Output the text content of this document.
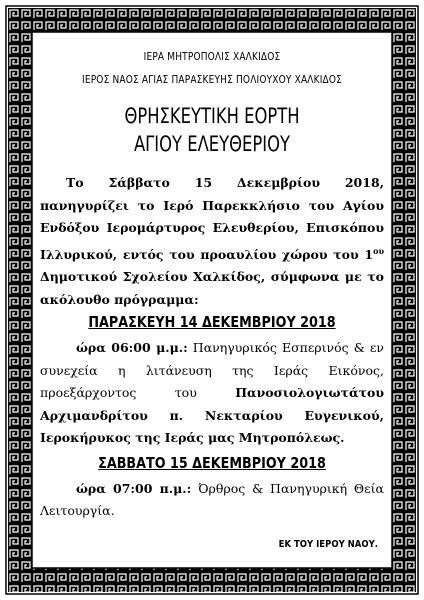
ΙΕΡΑ ΜΗΤΡΟΠΟΛΙΣ ΧΑΛΚΙΔΟΣ
ΙΕΡΟΣ ΝΑΟΣ ΑΓΙΑΣ ΠΑΡΑΣΚΕΥΗΣ ΠΟΛΙΟΥΧΟΥ ΧΑΛΚΙΔΟΣ
ΘΡΗΣΚΕΥΤΙΚΗ ΕΟΡΤΗ
ΑΓΙΟΥ ΕΛΕΥΘΕΡΙΟΥ

Το Σάββατο 15 Δεκεμβρίου 2018, πανηγυρίζει το Ιερό Παρεκκλήσιο του Αγίου Ενδόξου Ιερομάρτυρος Ελευθερίου, Επισκόπου Ιλλυρικού, εντός του προαυλίου χώρου του $1^{o\upsilon}$ Δημοτικού Σχολείου Χαλκίδος, σύμφωνα με το ακόλουθο πρόγραμμα:

ΠΑΡΑΣΚΕΥΗ 14 ΔΕΚΕΜΒΡΙΟΥ 2018

ώρα 06:00 μ.μ.: Πανηγυρικός Εσπερινός & εν συνεχεία η λιτάνευση της Ιεράς Εικόνος, προεξάρχοντος του Πανοσιολογιωτάτου Αρχιμανδρίτου π. Νεκταρίου Ευγενικού, Ιεροκήρυκος της Ιεράς μας Μητροπόλεως.

ΣΑΒΒΑΤΟ 15 ΔΕΚΕΜΒΡΙΟΥ 2018

ώρα 07:00 π.μ.: Όρθρος & Πανηγυρική Θεία Λειτουργία.

ΕΚ ΤΟΥ ΙΕΡΟΥ ΝΑΟΥ.
